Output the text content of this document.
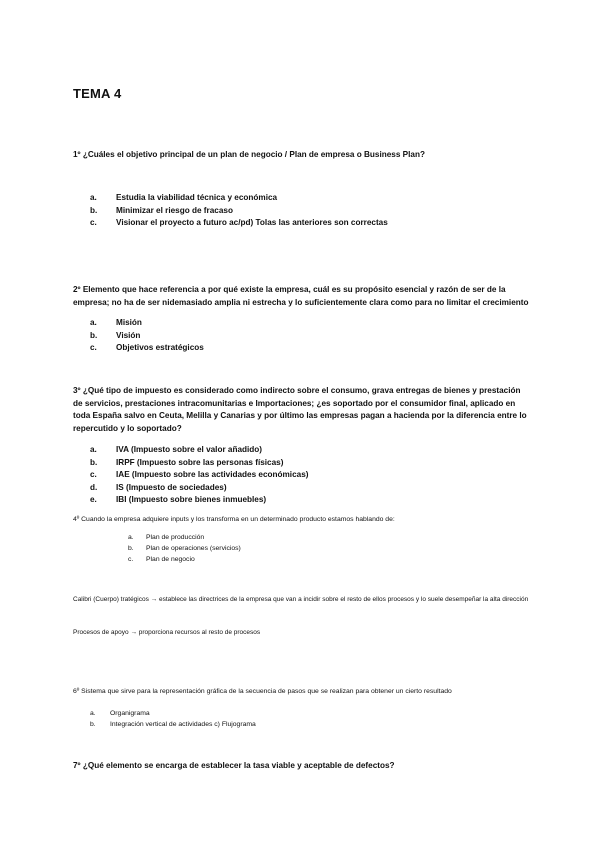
TEMA 4
1º ¿Cuáles el objetivo principal de un plan de negocio / Plan de empresa o Business Plan?
a.	Estudia la viabilidad técnica y económica
b.	Minimizar el riesgo de fracaso
c.	Visionar el proyecto a futuro ac/pd) Tolas las anteriores son correctas
2º Elemento que hace referencia a por qué existe la empresa, cuál es su propósito esencial y razón de ser de la empresa; no ha de ser nidemasiado amplia ni estrecha y lo suficientemente clara como para no limitar el crecimiento
a.	Misión
b.	Visión
c.	Objetivos estratégicos
3º ¿Qué tipo de impuesto es considerado como indirecto sobre el consumo, grava entregas de bienes y prestación de servicios, prestaciones intracomunitarias e Importaciones; ¿es soportado por el consumidor final, aplicado en toda España salvo en Ceuta, Melilla y Canarias y por último las empresas pagan a hacienda por la diferencia entre lo repercutido y lo soportado?
a.	IVA (Impuesto sobre el valor añadido)
b.	IRPF (Impuesto sobre las personas físicas)
c.	IAE (Impuesto sobre las actividades económicas)
d.	IS (Impuesto de sociedades)
e.	IBI (Impuesto sobre bienes inmuebles)
4º Cuando la empresa adquiere inputs y los transforma en un determinado producto estamos hablando de:
a.	Plan de producción
b.	Plan de operaciones (servicios)
c.	Plan de negocio
Calibri (Cuerpo) tratégicos → establece las directrices de la empresa que van a incidir sobre el resto de ellos procesos y lo suele desempeñar la alta dirección
Procesos de apoyo → proporciona recursos al resto de procesos
6º Sistema que sirve para la representación gráfica de la secuencia de pasos que se realizan para obtener un cierto resultado
a.	Organigrama
b.	Integración vertical de actividades c) Flujograma
7º ¿Qué elemento se encarga de establecer la tasa viable y aceptable de defectos?
